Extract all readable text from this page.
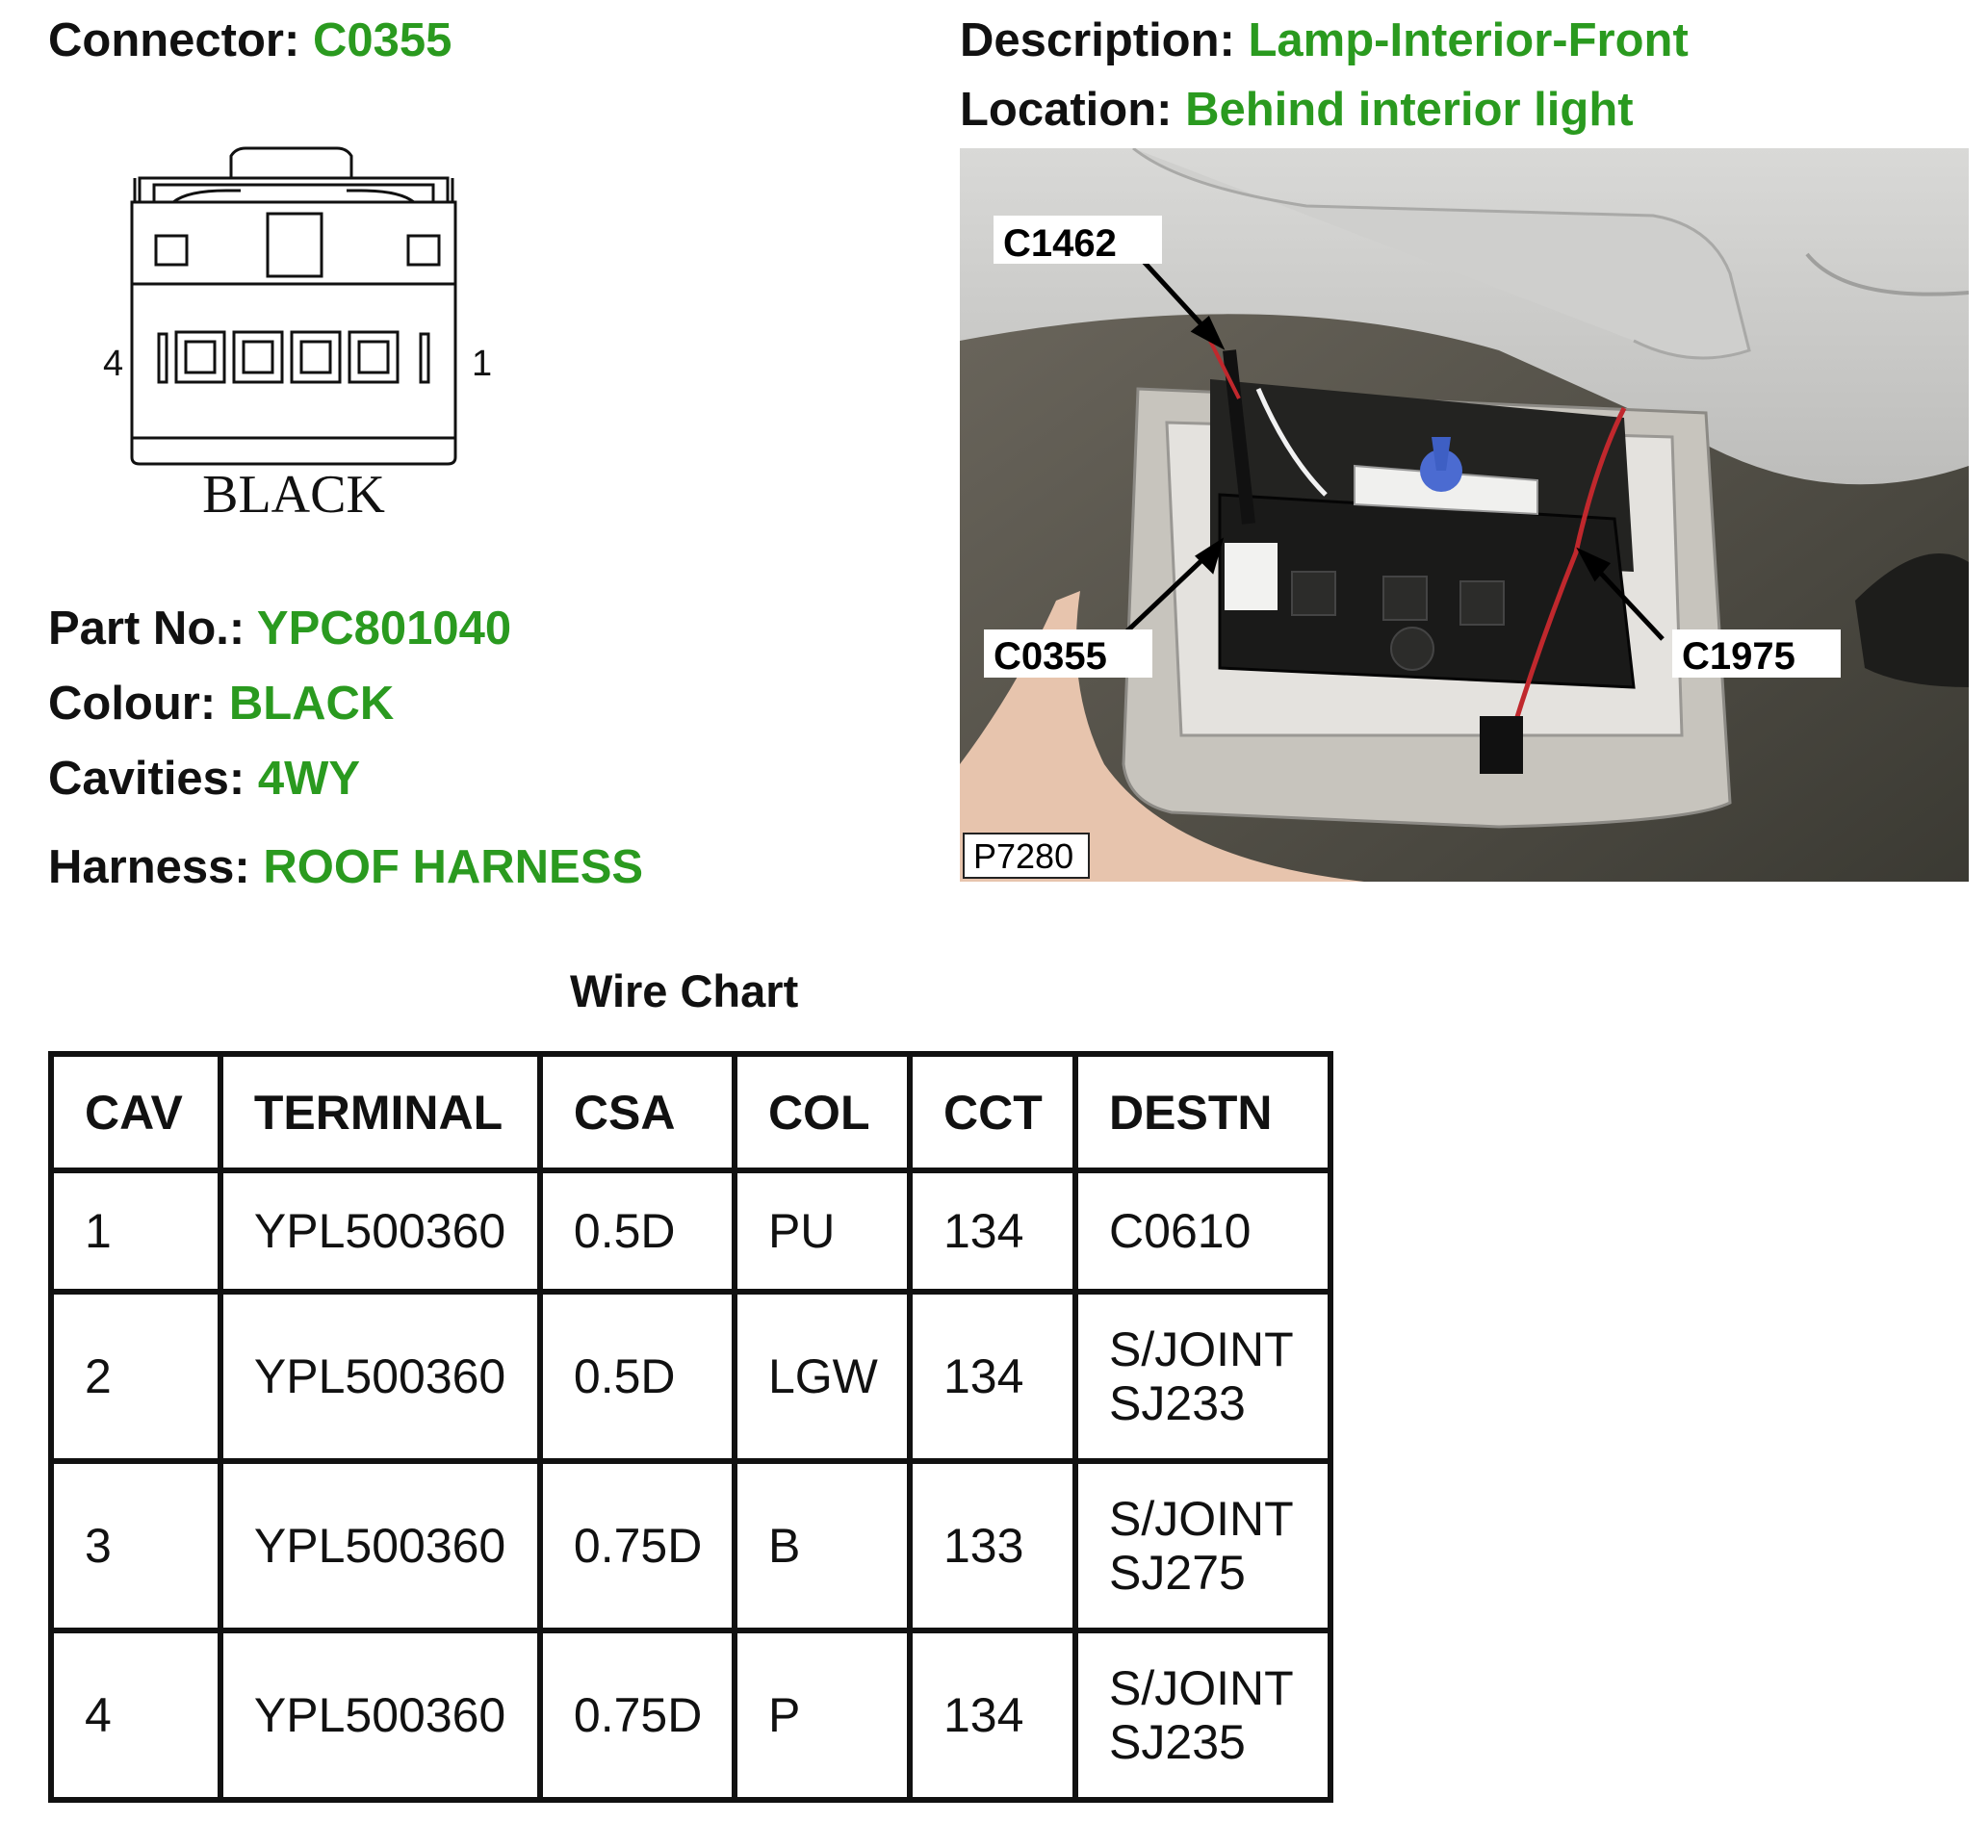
Connector: C0355	Description: Lamp-Interior-Front
Location: Behind interior light
4	1
BLACK
Part No.: YPC801040
Colour: BLACK
Cavities: 4WY
Harness: ROOF HARNESS
C1462
C0355	C1975
P7280
Wire Chart
CAV	TERMINAL	CSA	COL	CCT	DESTN
1	YPL500360	0.5D	PU	134	C0610

2	YPL500360	0.5D	LGW	134	S/JOINT
SJ233

3	YPL500360	0.75D	B	133	S/JOINT
SJ275

4	YPL500360	0.75D	P	134	S/JOINT
SJ235
